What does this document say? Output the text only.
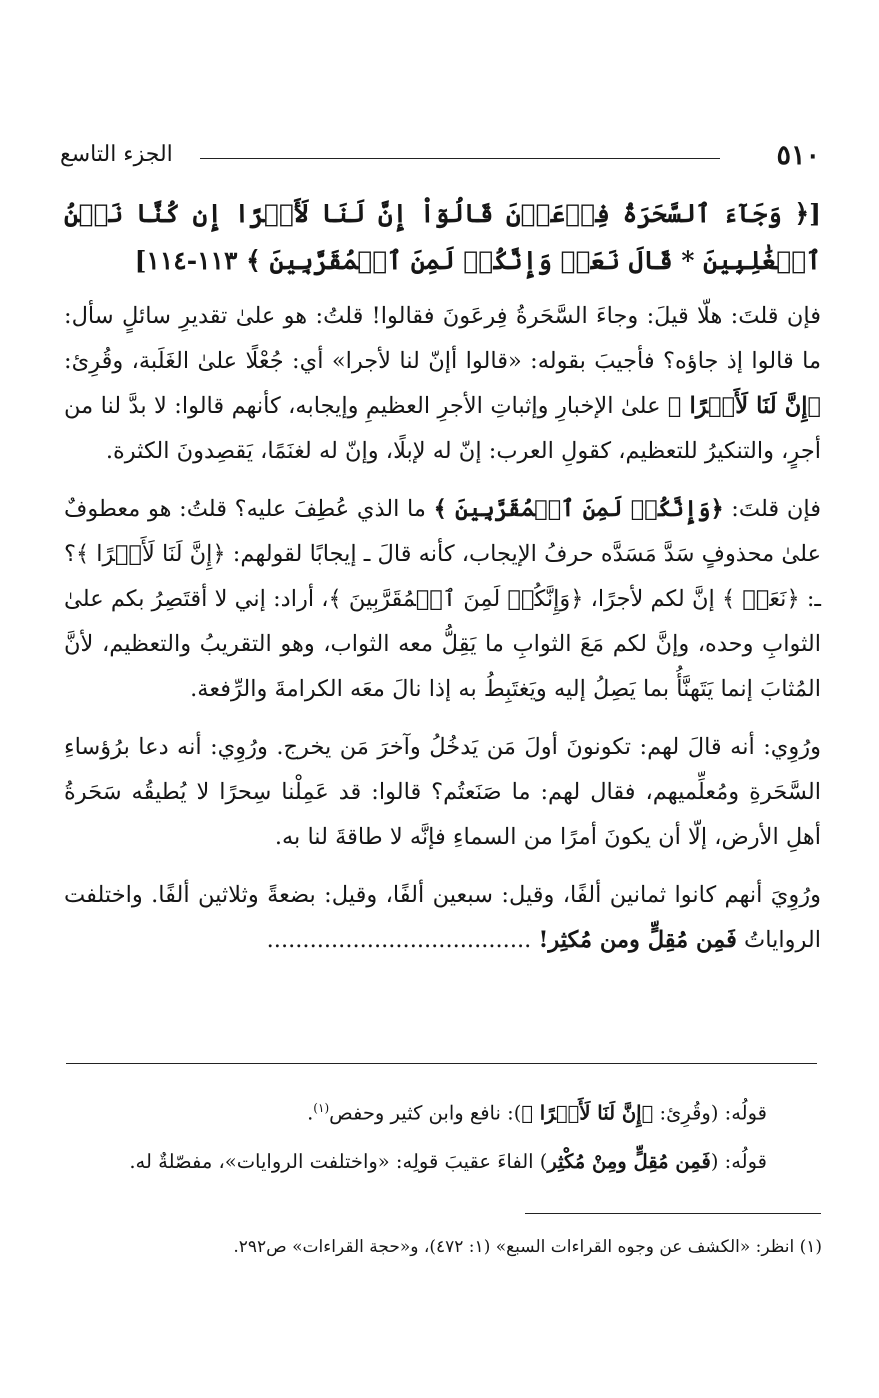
٥١٠
الجزء التاسع

[﴿ وَجَآءَ ٱلسَّحَرَةُ فِرۡعَوۡنَ قَالُوٓاْ إِنَّ لَنَا لَأَجۡرًا إِن كُنَّا نَحۡنُ ٱلۡغَٰلِبِينَ * قَالَ نَعَمۡ وَإِنَّكُمۡ لَمِنَ ٱلۡمُقَرَّبِينَ ﴾ ١١٣-١١٤]

فإن قلتَ: هلّا قيلَ: وجاءَ السَّحَرةُ فِرعَونَ فقالوا! قلتُ: هو علىٰ تقديرِ سائلٍ سأل: ما قالوا إذ جاؤه؟ فأجيبَ بقوله: «قالوا أإنّ لنا لأجرا» أي: جُعْلًا علىٰ الغَلَبة، وقُرِئ: ﴿إِنَّ لَنَا لَأَجۡرًا ﴾ علىٰ الإخبارِ وإثباتِ الأجرِ العظيمِ وإيجابه، كأنهم قالوا: لا بدَّ لنا من أجرٍ، والتنكيرُ للتعظيم، كقولِ العرب: إنّ له لإبلًا، وإنّ له لغنَمًا، يَقصِدونَ الكثرة.

فإن قلتَ: ﴿وَإِنَّكُمۡ لَمِنَ ٱلۡمُقَرَّبِينَ ﴾ ما الذي عُطِفَ عليه؟ قلتُ: هو معطوفٌ علىٰ محذوفٍ سَدَّ مَسَدَّه حرفُ الإيجاب، كأنه قالَ ـ إيجابًا لقولهم: ﴿إِنَّ لَنَا لَأَجۡرًا ﴾؟ ـ: ﴿نَعَمۡ ﴾ إنَّ لكم لأجرًا، ﴿وَإِنَّكُمۡ لَمِنَ ٱلۡمُقَرَّبِينَ ﴾، أراد: إني لا أقتَصِرُ بكم علىٰ الثوابِ وحده، وإنَّ لكم مَعَ الثوابِ ما يَقِلُّ معه الثواب، وهو التقريبُ والتعظيم، لأنَّ المُثابَ إنما يَتَهنَّأُ بما يَصِلُ إليه ويَغتَبِطُ به إذا نالَ معَه الكرامةَ والرِّفعة.

ورُوِي: أنه قالَ لهم: تكونونَ أولَ مَن يَدخُلُ وآخرَ مَن يخرج. ورُوِي: أنه دعا برُؤساءِ السَّحَرةِ ومُعلِّميهم، فقال لهم: ما صَنَعتُم؟ قالوا: قد عَمِلْنا سِحرًا لا يُطيقُه سَحَرةُ أهلِ الأرض، إلّا أن يكونَ أمرًا من السماءِ فإنَّه لا طاقةَ لنا به.

ورُوِيَ أنهم كانوا ثمانين ألفًا، وقيل: سبعين ألفًا، وقيل: بضعةً وثلاثين ألفًا. واختلفت الرواياتُ فَمِن مُقِلٍّ ومن مُكثِر! .....................................

قولُه: (وقُرِئ: ﴿إِنَّ لَنَا لَأَجۡرًا ﴾): نافع وابن كثير وحفص$^{(١)}$.

قولُه: (فَمِن مُقِلٍّ ومِنْ مُكْثِر) الفاءَ عقيبَ قولِه: «واختلفت الروايات»، مفصّلةٌ له.

(١) انظر: «الكشف عن وجوه القراءات السبع» (١: ٤٧٢)، و«حجة القراءات» ص٢٩٢.
